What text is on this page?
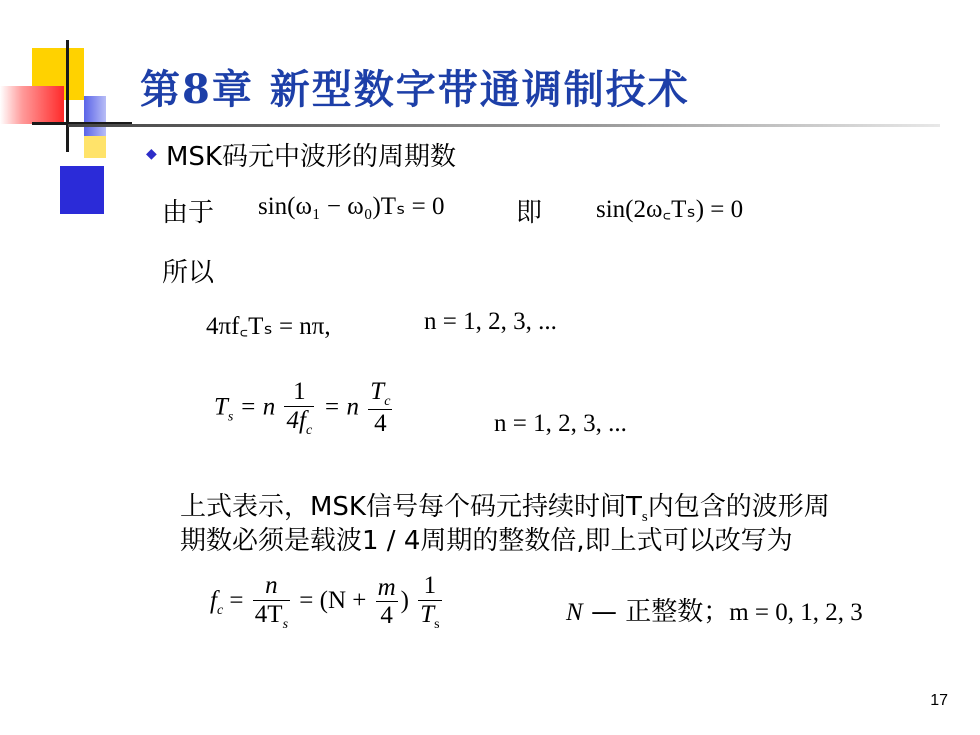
第8章 新型数字带通调制技术
◆ MSK码元中波形的周期数
由于 sin(ω₁ − ω₀)Tₛ = 0	即 sin(2ω꜀Tₛ) = 0
所以
4πf꜀Tₛ = nπ,	n = 1, 2, 3, ...
$T_s = n \frac{1}{4f_c} = n \frac{T_c}{4}$	n = 1, 2, 3, ...
上式表示，MSK信号每个码元持续时间$T_s$内包含的波形周
期数必须是载波1 / 4周期的整数倍,即上式可以改写为
$f_c = \frac{n}{4T_s} = (N + \frac{m}{4}$ ) $\frac{1}{T_s}$	N — 正整数；m = 0, 1, 2, 3
17
